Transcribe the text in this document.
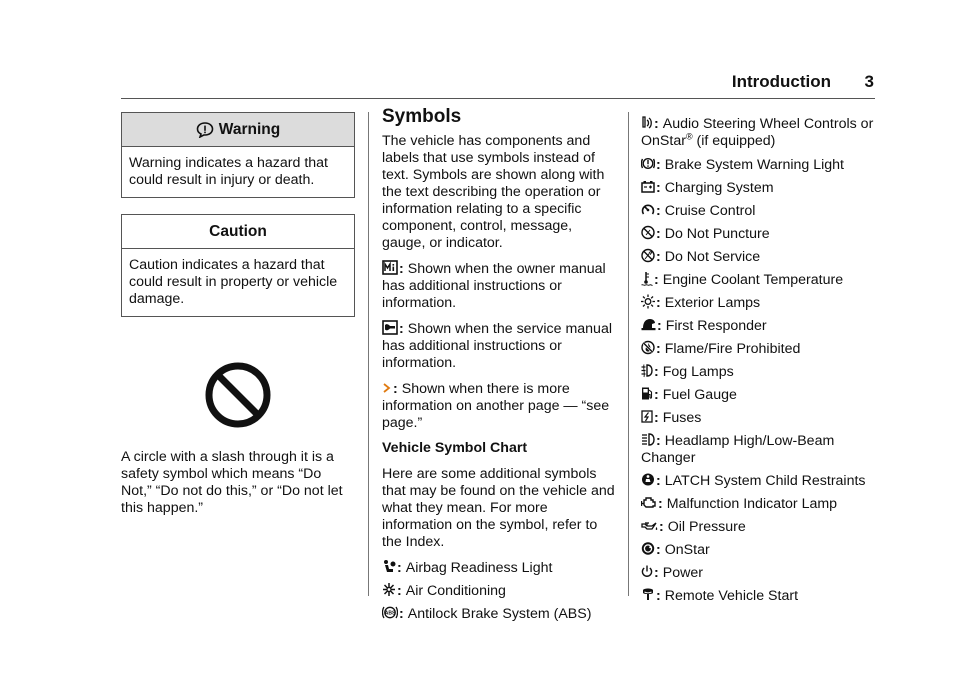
Introduction 3
Warning
Warning indicates a hazard that could result in injury or death.
Caution
Caution indicates a hazard that could result in property or vehicle damage.
A circle with a slash through it is a safety symbol which means “Do Not,” “Do not do this,” or “Do not let this happen.”
Symbols
The vehicle has components and labels that use symbols instead of text. Symbols are shown along with the text describing the operation or information relating to a specific component, control, message, gauge, or indicator.
: Shown when the owner manual has additional instructions or information.
: Shown when the service manual has additional instructions or information.
: Shown when there is more information on another page — “see page.”
Vehicle Symbol Chart
Here are some additional symbols that may be found on the vehicle and what they mean. For more information on the symbol, refer to the Index.
: Airbag Readiness Light
: Air Conditioning
ABS : Antilock Brake System (ABS)
: Audio Steering Wheel Controls or OnStar® (if equipped)
: Brake System Warning Light
: Charging System
: Cruise Control
: Do Not Puncture
: Do Not Service
: Engine Coolant Temperature
: Exterior Lamps
: First Responder
: Flame/Fire Prohibited
: Fog Lamps
: Fuel Gauge
: Fuses
: Headlamp High/Low-Beam Changer
: LATCH System Child Restraints
: Malfunction Indicator Lamp
: Oil Pressure
: OnStar
: Power
: Remote Vehicle Start
